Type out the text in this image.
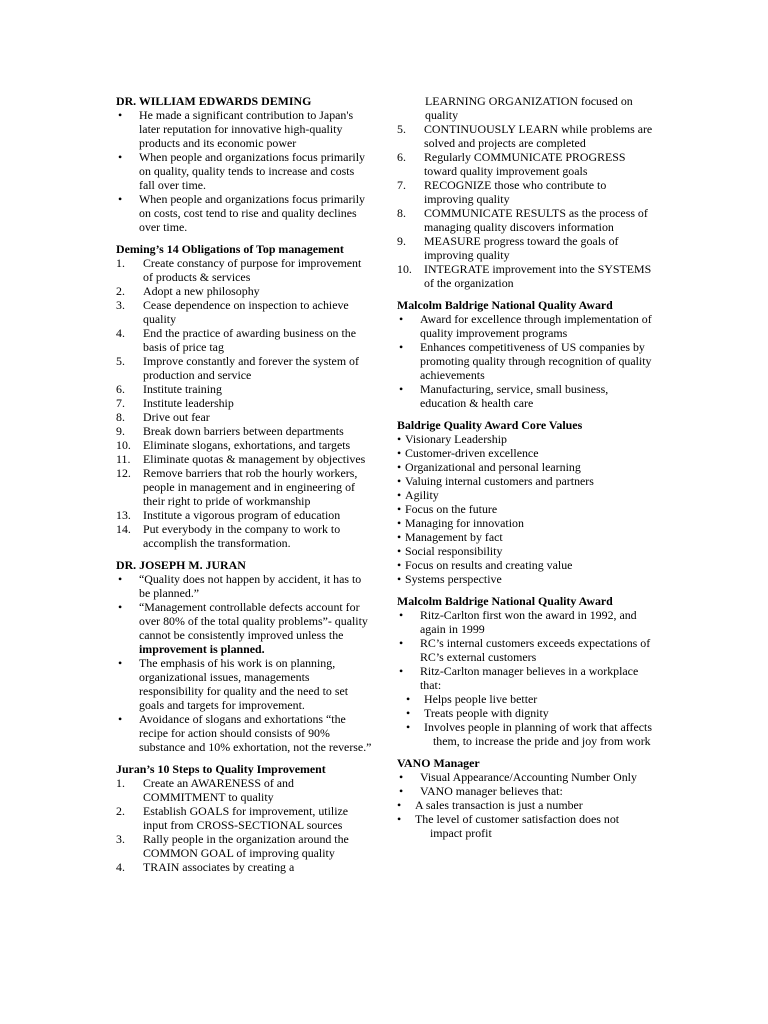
DR. WILLIAM EDWARDS DEMING

• He made a significant contribution to Japan's later reputation for innovative high-quality products and its economic power
• When people and organizations focus primarily on quality, quality tends to increase and costs fall over time.
• When people and organizations focus primarily on costs, cost tend to rise and quality declines over time.

Deming’s 14 Obligations of Top management

1. Create constancy of purpose for improvement of products & services
2. Adopt a new philosophy
3. Cease dependence on inspection to achieve quality
4. End the practice of awarding business on the basis of price tag
5. Improve constantly and forever the system of production and service
6. Institute training
7. Institute leadership
8. Drive out fear
9. Break down barriers between departments
10. Eliminate slogans, exhortations, and targets
11. Eliminate quotas & management by objectives
12. Remove barriers that rob the hourly workers, people in management and in engineering of their right to pride of workmanship
13. Institute a vigorous program of education
14. Put everybody in the company to work to accomplish the transformation.

DR. JOSEPH M. JURAN

• “Quality does not happen by accident, it has to be planned.”
• “Management controllable defects account for over 80% of the total quality problems”- quality cannot be consistently improved unless the improvement is planned.
• The emphasis of his work is on planning, organizational issues, managements responsibility for quality and the need to set goals and targets for improvement.
• Avoidance of slogans and exhortations “the recipe for action should consists of 90% substance and 10% exhortation, not the reverse.”

Juran’s 10 Steps to Quality Improvement

1. Create an AWARENESS of and COMMITMENT to quality
2. Establish GOALS for improvement, utilize input from CROSS-SECTIONAL sources
3. Rally people in the organization around the COMMON GOAL of improving quality
4. TRAIN associates by creating a
LEARNING ORGANIZATION focused on quality
5. CONTINUOUSLY LEARN while problems are solved and projects are completed
6. Regularly COMMUNICATE PROGRESS toward quality improvement goals
7. RECOGNIZE those who contribute to improving quality
8. COMMUNICATE RESULTS as the process of managing quality discovers information
9. MEASURE progress toward the goals of improving quality
10. INTEGRATE improvement into the SYSTEMS of the organization

Malcolm Baldrige National Quality Award

• Award for excellence through implementation of quality improvement programs
• Enhances competitiveness of US companies by promoting quality through recognition of quality achievements
• Manufacturing, service, small business, education & health care

Baldrige Quality Award Core Values

• Visionary Leadership
• Customer-driven excellence
• Organizational and personal learning
• Valuing internal customers and partners
• Agility
• Focus on the future
• Managing for innovation
• Management by fact
• Social responsibility
• Focus on results and creating value
• Systems perspective

Malcolm Baldrige National Quality Award

• Ritz-Carlton first won the award in 1992, and again in 1999
• RC’s internal customers exceeds expectations of RC’s external customers
• Ritz-Carlton manager believes in a workplace that:
• Helps people live better
• Treats people with dignity
• Involves people in planning of work that affects them, to increase the pride and joy from work

VANO Manager

• Visual Appearance/Accounting Number Only
• VANO manager believes that:
• A sales transaction is just a number
• The level of customer satisfaction does not impact profit
